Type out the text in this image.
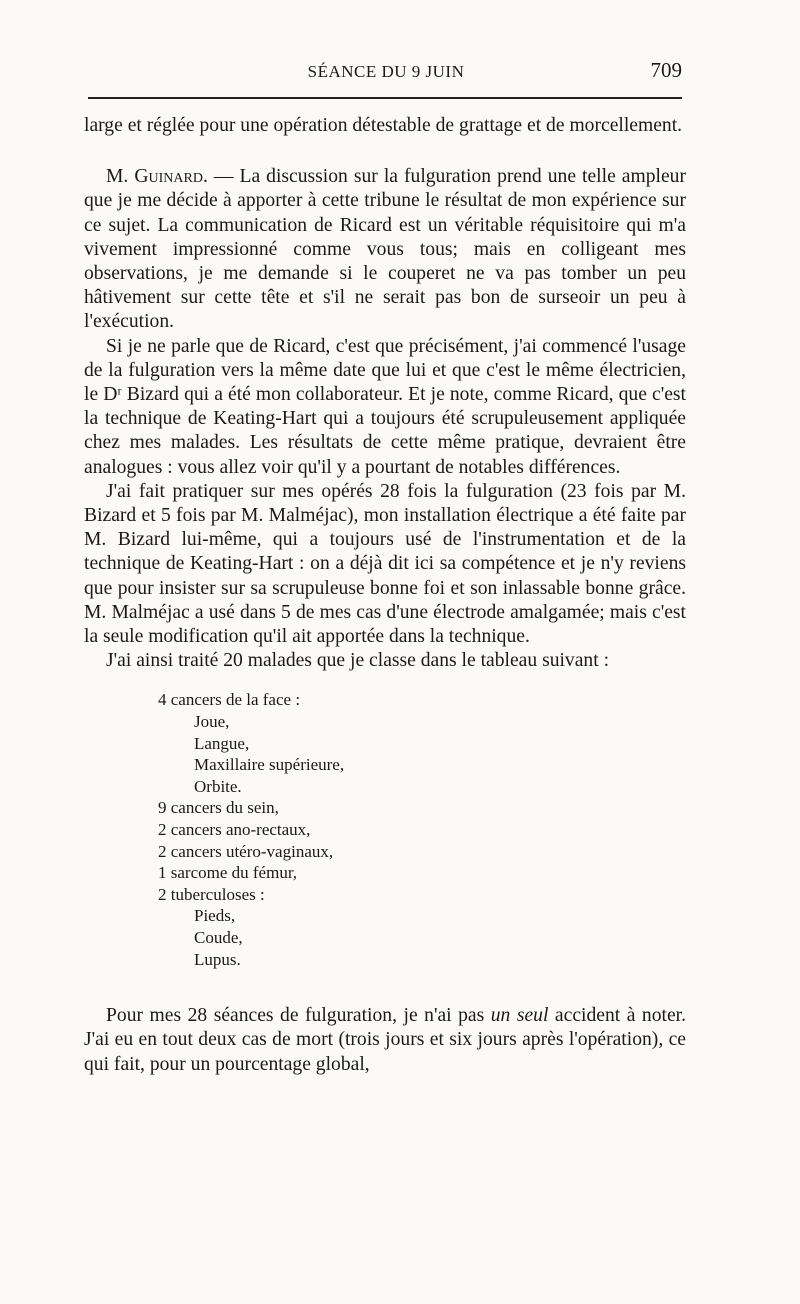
SÉANCE DU 9 JUIN	709

large et réglée pour une opération détestable de grattage et de morcellement.

M. Guinard. — La discussion sur la fulguration prend une telle ampleur que je me décide à apporter à cette tribune le résultat de mon expérience sur ce sujet. La communication de Ricard est un véritable réquisitoire qui m'a vivement impressionné comme vous tous; mais en colligeant mes observations, je me demande si le couperet ne va pas tomber un peu hâtivement sur cette tête et s'il ne serait pas bon de surseoir un peu à l'exécution.

Si je ne parle que de Ricard, c'est que précisément, j'ai commencé l'usage de la fulguration vers la même date que lui et que c'est le même électricien, le Dʳ Bizard qui a été mon collaborateur. Et je note, comme Ricard, que c'est la technique de Keating-Hart qui a toujours été scrupuleusement appliquée chez mes malades. Les résultats de cette même pratique, devraient être analogues : vous allez voir qu'il y a pourtant de notables différences.

J'ai fait pratiquer sur mes opérés 28 fois la fulguration (23 fois par M. Bizard et 5 fois par M. Malméjac), mon installation électrique a été faite par M. Bizard lui-même, qui a toujours usé de l'instrumentation et de la technique de Keating-Hart : on a déjà dit ici sa compétence et je n'y reviens que pour insister sur sa scrupuleuse bonne foi et son inlassable bonne grâce. M. Malméjac a usé dans 5 de mes cas d'une électrode amalgamée; mais c'est la seule modification qu'il ait apportée dans la technique.

J'ai ainsi traité 20 malades que je classe dans le tableau suivant :

4 cancers de la face :
Joue,
Langue,
Maxillaire supérieure,
Orbite.
9 cancers du sein,
2 cancers ano-rectaux,
2 cancers utéro-vaginaux,
1 sarcome du fémur,
2 tuberculoses :
Pieds,
Coude,
Lupus.

Pour mes 28 séances de fulguration, je n'ai pas un seul accident à noter. J'ai eu en tout deux cas de mort (trois jours et six jours après l'opération), ce qui fait, pour un pourcentage global,
